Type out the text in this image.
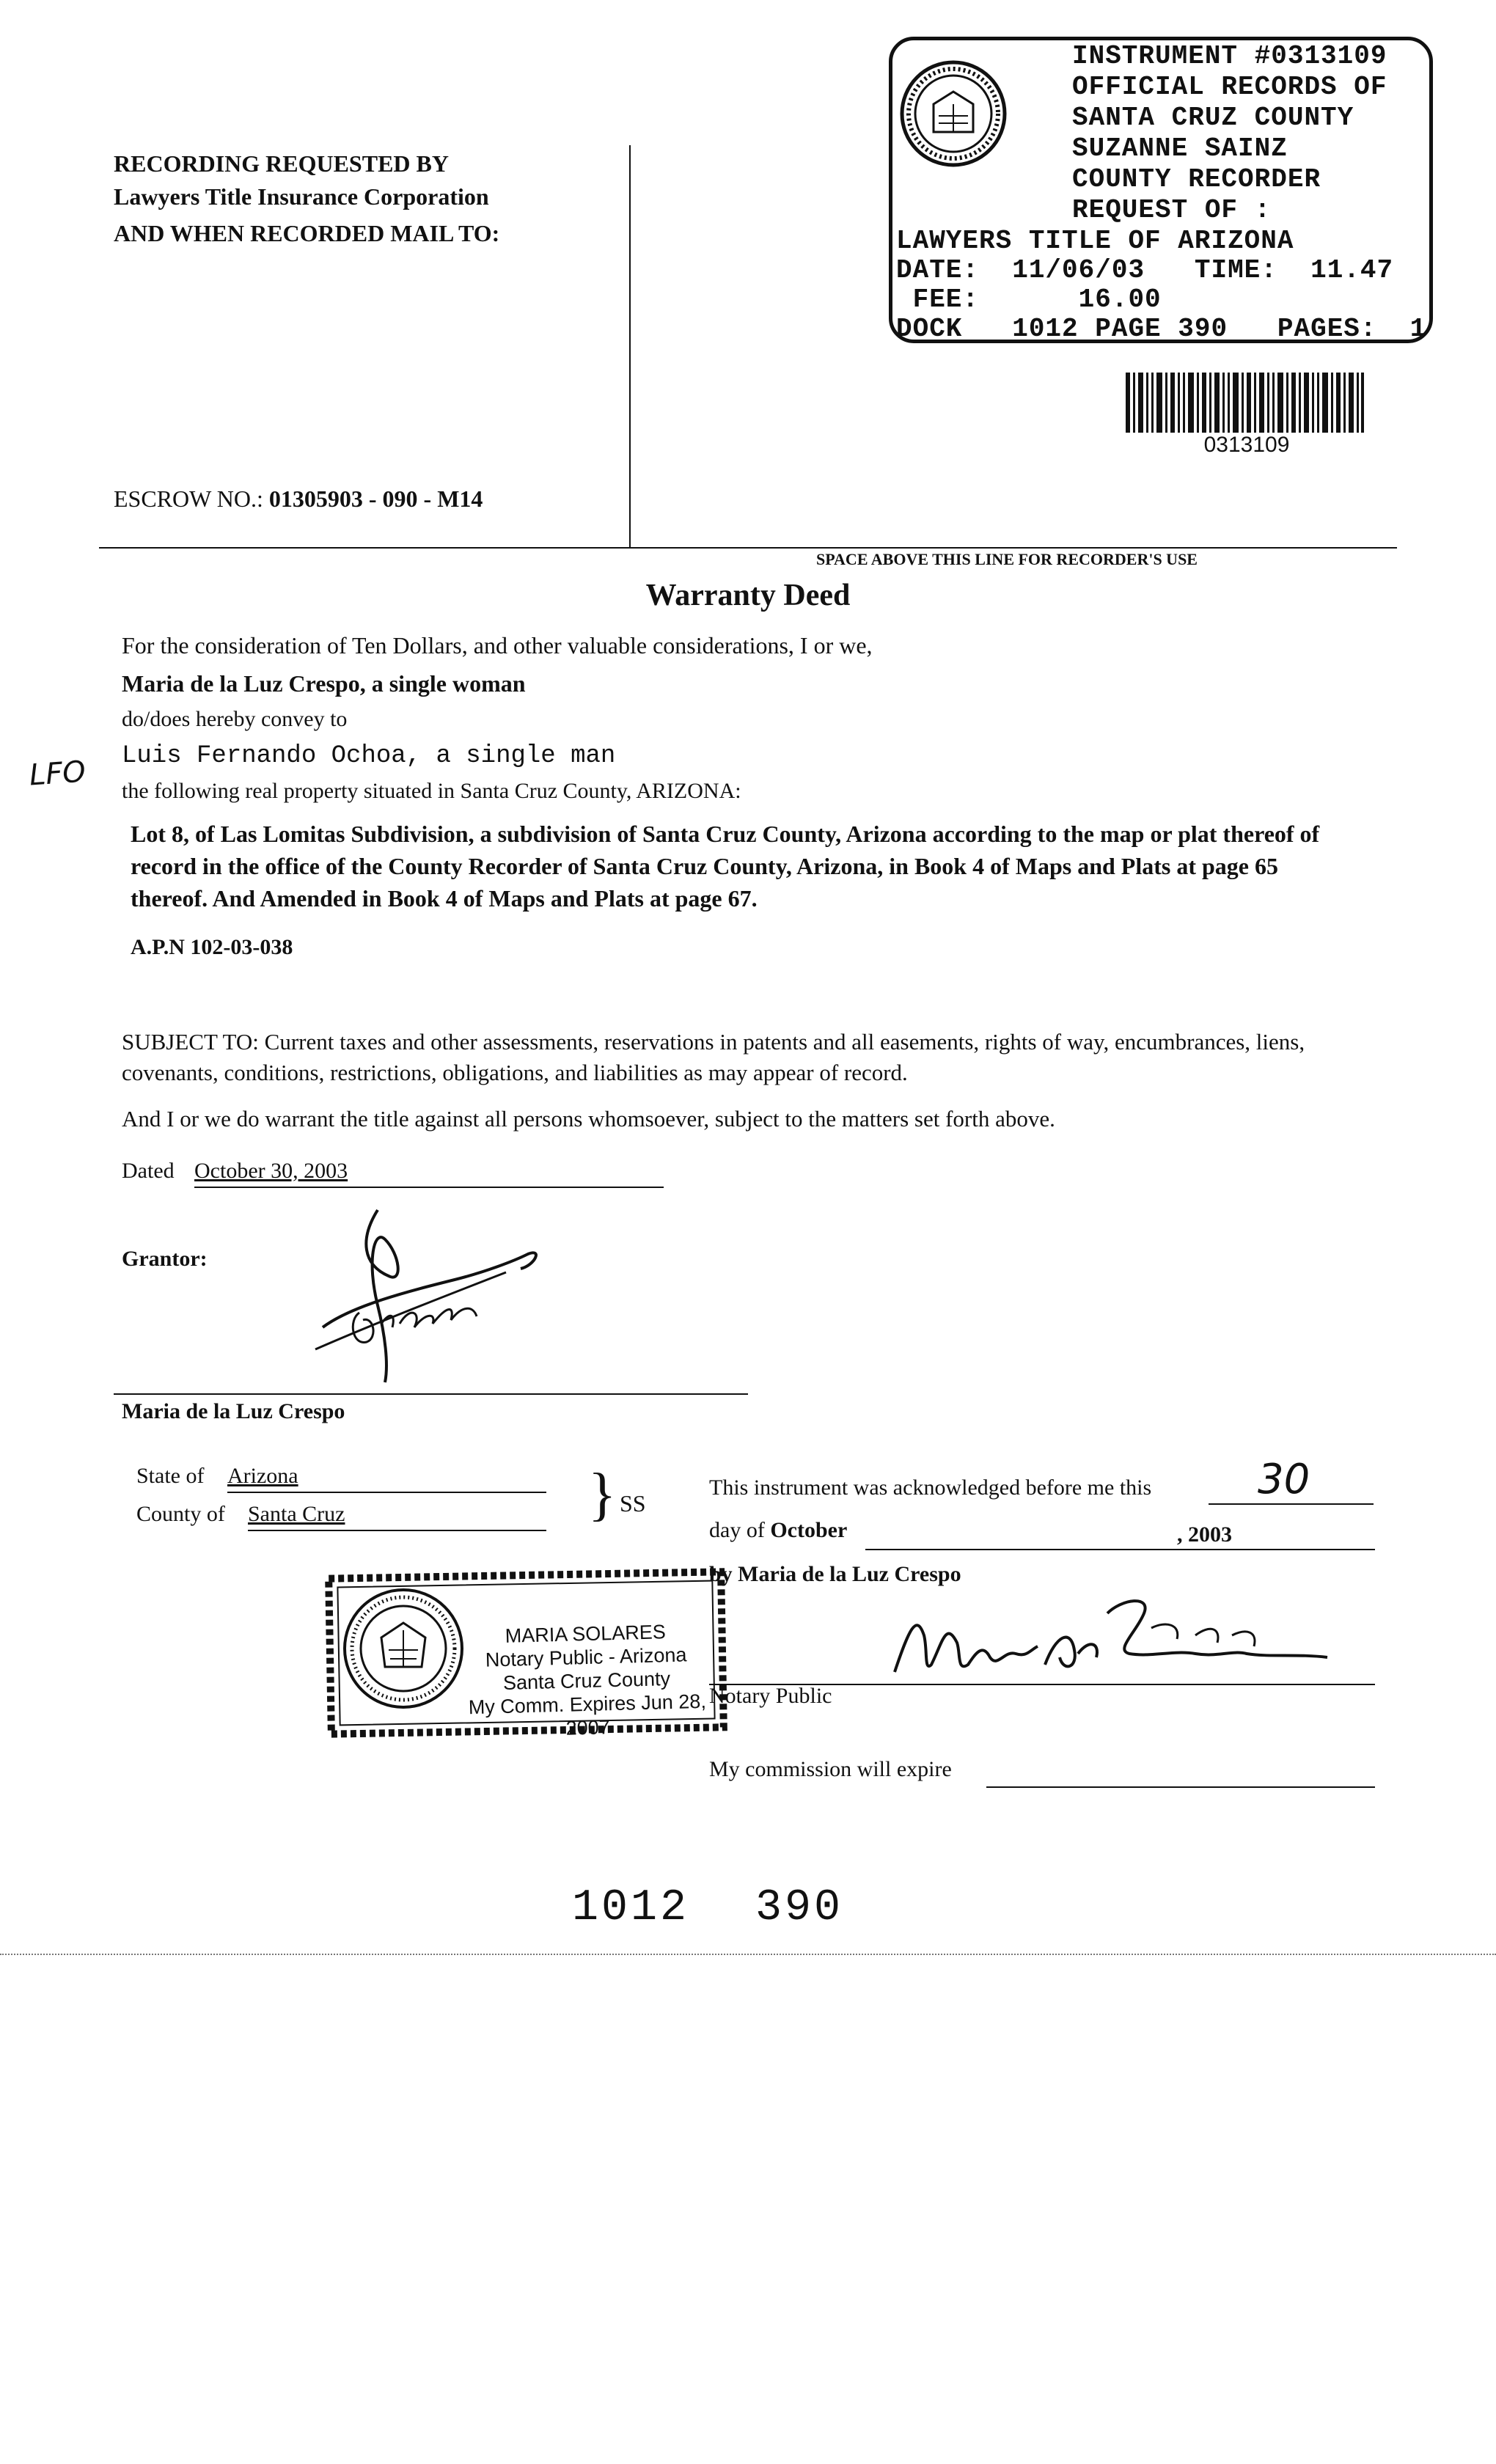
RECORDING REQUESTED BY
Lawyers Title Insurance Corporation
AND WHEN RECORDED MAIL TO:
ESCROW NO.: 01305903 - 090 - M14
SPACE ABOVE THIS LINE FOR RECORDER'S USE
INSTRUMENT #0313109
OFFICIAL RECORDS OF
SANTA CRUZ COUNTY
SUZANNE SAINZ
COUNTY RECORDER
REQUEST OF :
LAWYERS TITLE OF ARIZONA
DATE:  11/06/03   TIME:  11.47
FEE:      16.00
DOCK   1012 PAGE 390   PAGES:  1
0313109
Warranty Deed
For the consideration of Ten Dollars, and other valuable considerations, I or we,
Maria de la Luz Crespo, a single woman
do/does hereby convey to
Luis Fernando Ochoa, a single man
LFO the following real property situated in Santa Cruz County, ARIZONA:
Lot 8, of Las Lomitas Subdivision, a subdivision of Santa Cruz County, Arizona according to the map or plat thereof of record in the office of the County Recorder of Santa Cruz County, Arizona, in Book 4 of Maps and Plats at page 65 thereof. And Amended in Book 4 of Maps and Plats at page 67.
A.P.N 102-03-038
SUBJECT TO: Current taxes and other assessments, reservations in patents and all easements, rights of way, encumbrances, liens, covenants, conditions, restrictions, obligations, and liabilities as may appear of record.
And I or we do warrant the title against all persons whomsoever, subject to the matters set forth above.
Dated October 30, 2003
Grantor:
Maria de la Luz Crespo
State of Arizona
County of Santa Cruz	} SS
This instrument was acknowledged before me this	30
day of October	, 2003
by Maria de la Luz Crespo
Notary Public
My commission will expire
MARIA SOLARES
Notary Public - Arizona
Santa Cruz County
My Comm. Expires Jun 28, 2007
1012 390
